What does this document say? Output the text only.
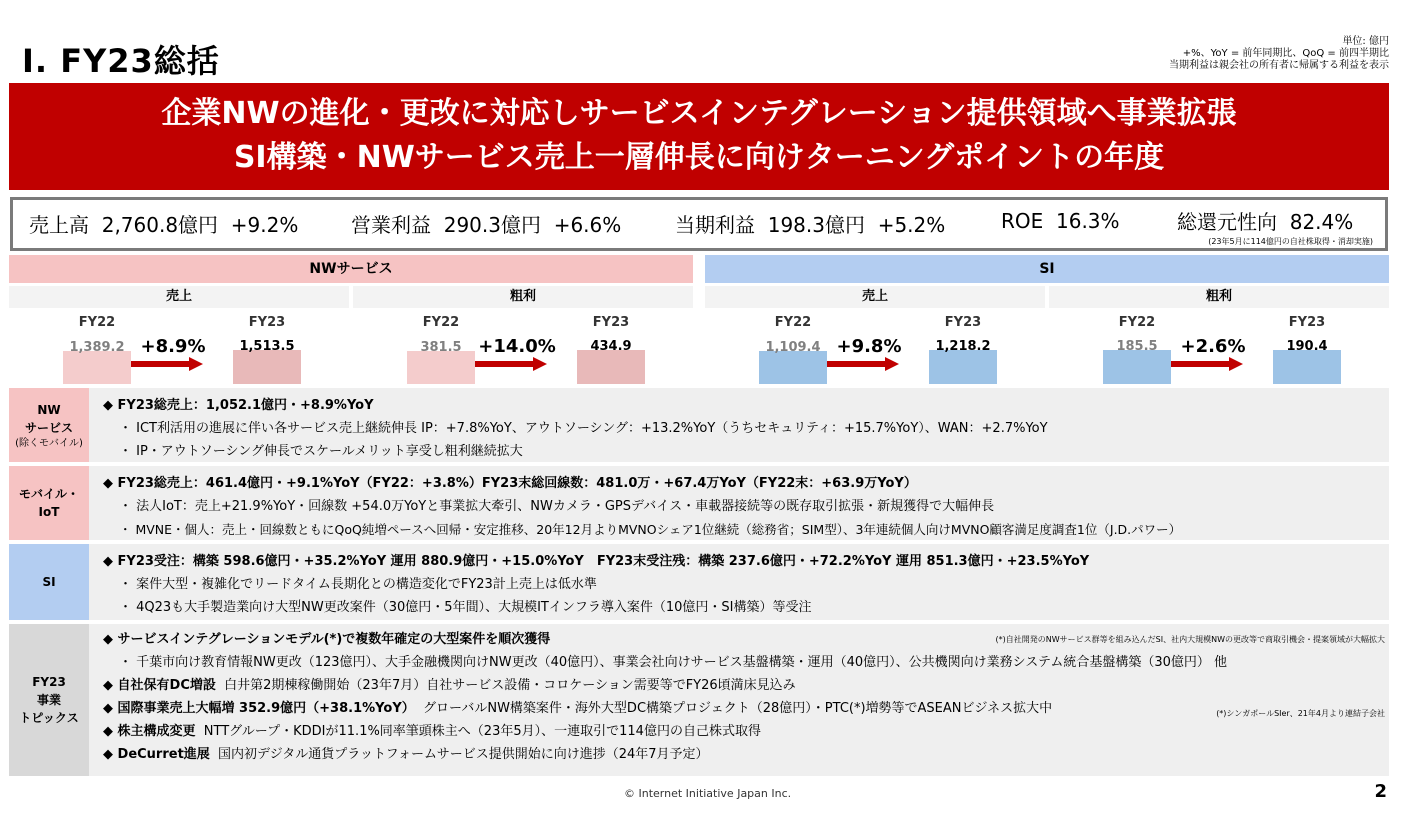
Ⅰ. FY23総括
単位: 億円
+%、YoY = 前年同期比、QoQ = 前四半期比
当期利益は親会社の所有者に帰属する利益を表示
企業NWの進化・更改に対応しサービスインテグレーション提供領域へ事業拡張
SI構築・NWサービス売上一層伸長に向けターニングポイントの年度
売上高 2,760.8億円 +9.2%	営業利益 290.3億円 +6.6%	当期利益 198.3億円 +5.2%	ROE 16.3%	総還元性向 82.4%
(23年5月に114億円の自社株取得・消却実施)
NWサービス	SI
売上	粗利	売上	粗利
FY22
1,389.2
FY23
1,513.5
+8.9%
FY22
381.5
FY23
434.9
+14.0%
FY22
1,109.4
FY23
1,218.2
+9.8%
FY22
185.5
FY23
190.4
+2.6%
NW
サービス
(除くモバイル)
◆ FY23総売上：1,052.1億円・+8.9%YoY
・ ICT利活用の進展に伴い各サービス売上継続伸長 IP：+7.8%YoY、アウトソーシング：+13.2%YoY（うちセキュリティ：+15.7%YoY）、WAN：+2.7%YoY
・ IP・アウトソーシング伸長でスケールメリット享受し粗利継続拡大
モバイル・
IoT
◆ FY23総売上：461.4億円・+9.1%YoY（FY22：+3.8%）FY23末総回線数：481.0万・+67.4万YoY（FY22末：+63.9万YoY）
・ 法人IoT：売上+21.9%YoY・回線数 +54.0万YoYと事業拡大牽引、NWカメラ・GPSデバイス・車載器接続等の既存取引拡張・新規獲得で大幅伸長
・ MVNE・個人：売上・回線数ともにQoQ純増ペースへ回帰・安定推移、20年12月よりMVNOシェア1位継続（総務省；SIM型）、3年連続個人向けMVNO顧客満足度調査1位（J.D.パワー）
SI
◆ FY23受注：構築 598.6億円・+35.2%YoY 運用 880.9億円・+15.0%YoY　FY23末受注残：構築 237.6億円・+72.2%YoY 運用 851.3億円・+23.5%YoY
・ 案件大型・複雑化でリードタイム長期化との構造変化でFY23計上売上は低水準
・ 4Q23も大手製造業向け大型NW更改案件（30億円・5年間）、大規模ITインフラ導入案件（10億円・SI構築）等受注
FY23
事業
トピックス
◆ サービスインテグレーションモデル(*)で複数年確定の大型案件を順次獲得
・ 千葉市向け教育情報NW更改（123億円）、大手金融機関向けNW更改（40億円）、事業会社向けサービス基盤構築・運用（40億円）、公共機関向け業務システム統合基盤構築（30億円） 他
◆ 自社保有DC増設 白井第2期棟稼働開始（23年7月）自社サービス設備・コロケーション需要等でFY26頃満床見込み
◆ 国際事業売上大幅増 352.9億円（+38.1%YoY） グローバルNW構築案件・海外大型DC構築プロジェクト（28億円）・PTC(*)増勢等でASEANビジネス拡大中
◆ 株主構成変更 NTTグループ・KDDIが11.1%同率筆頭株主へ（23年5月）、一連取引で114億円の自己株式取得
◆ DeCurret進展 国内初デジタル通貨プラットフォームサービス提供開始に向け進捗（24年7月予定）
(*)自社開発のNWサービス群等を組み込んだSI、社内大規模NWの更改等で商取引機会・提案領域が大幅拡大
(*)シンガポールSIer、21年4月より連結子会社
© Internet Initiative Japan Inc.	2
